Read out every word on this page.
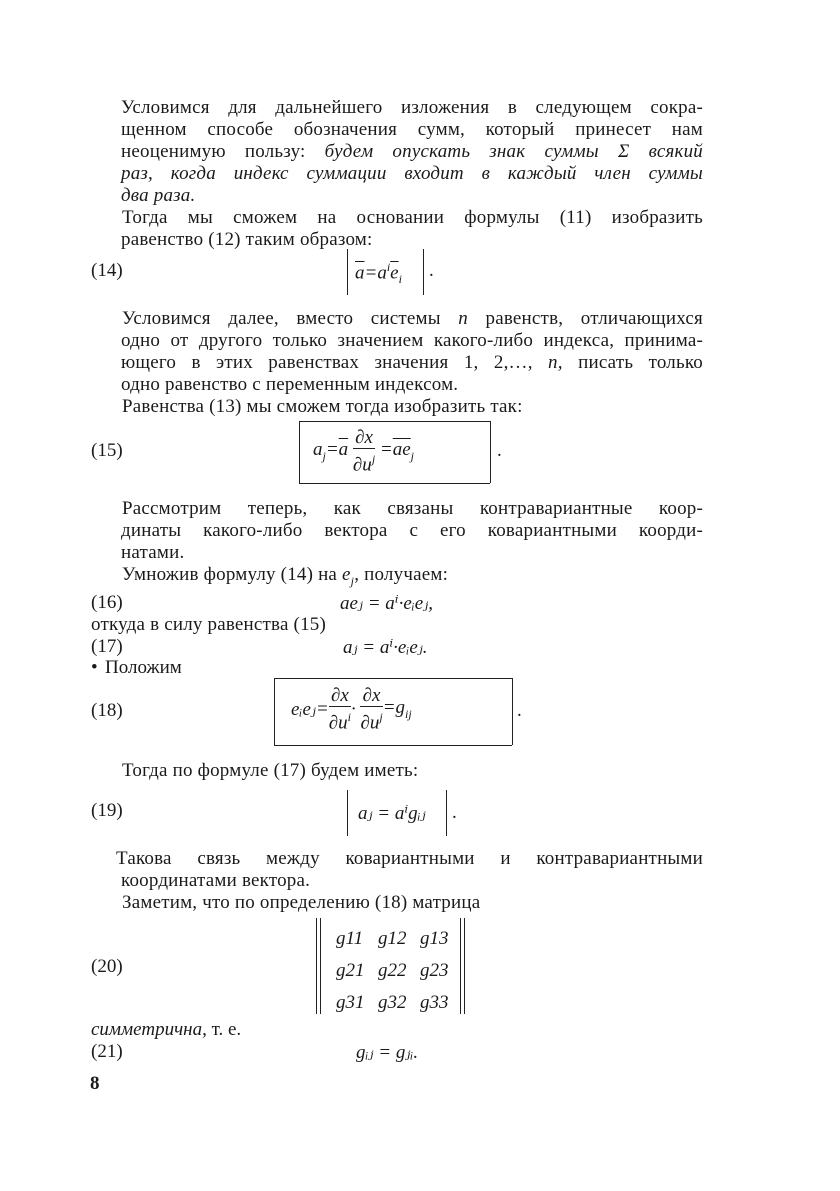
Условимся для дальнейшего изложения в следующем сокра-
щенном способе обозначения сумм, который принесет нам
неоценимую пользу: будем опускать знак суммы Σ всякий
раз, когда индекс суммации входит в каждый член суммы
два раза.
Тогда мы сможем на основании формулы (11) изобразить
равенство (12) таким образом:
(14)	$\overline{a}=a^i\overline{e}_i$ .
Условимся далее, вместо системы n равенств, отличающихся
одно от другого только значением какого-либо индекса, принима-
ющего в этих равенствах значения 1, 2,…, n, писать только
одно равенство с переменным индексом.
Равенства (13) мы сможем тогда изобразить так:
(15)	$a_j=\overline{a} \frac{\partial x}{\partial u^j} =\overline{ae}_j$	.
Рассмотрим теперь, как связаны контравариантные коор-
динаты какого-либо вектора с его ковариантными коорди-
натами.
Умножив формулу (14) на $e_j$, получаем:
(16)	aeⱼ = aⁱ·eᵢeⱼ,
откуда в силу равенства (15)
(17)	aⱼ = aⁱ·eᵢeⱼ.
• Положим
(18)	eᵢeⱼ= $\frac{\partial x}{\partial u^i} \cdot \frac{\partial x}{\partial u^j} =g_{ij}$	.
Тогда по формуле (17) будем иметь:
(19)	aⱼ = aⁱgᵢⱼ .
Такова связь между ковариантными и контравариантными
координатами вектора.
Заметим, что по определению (18) матрица
(20)
g11 g12 g13
g21 g22 g23
g31 g32 g33
симметрична, т. е.
(21)	gᵢⱼ = gⱼᵢ.
8
